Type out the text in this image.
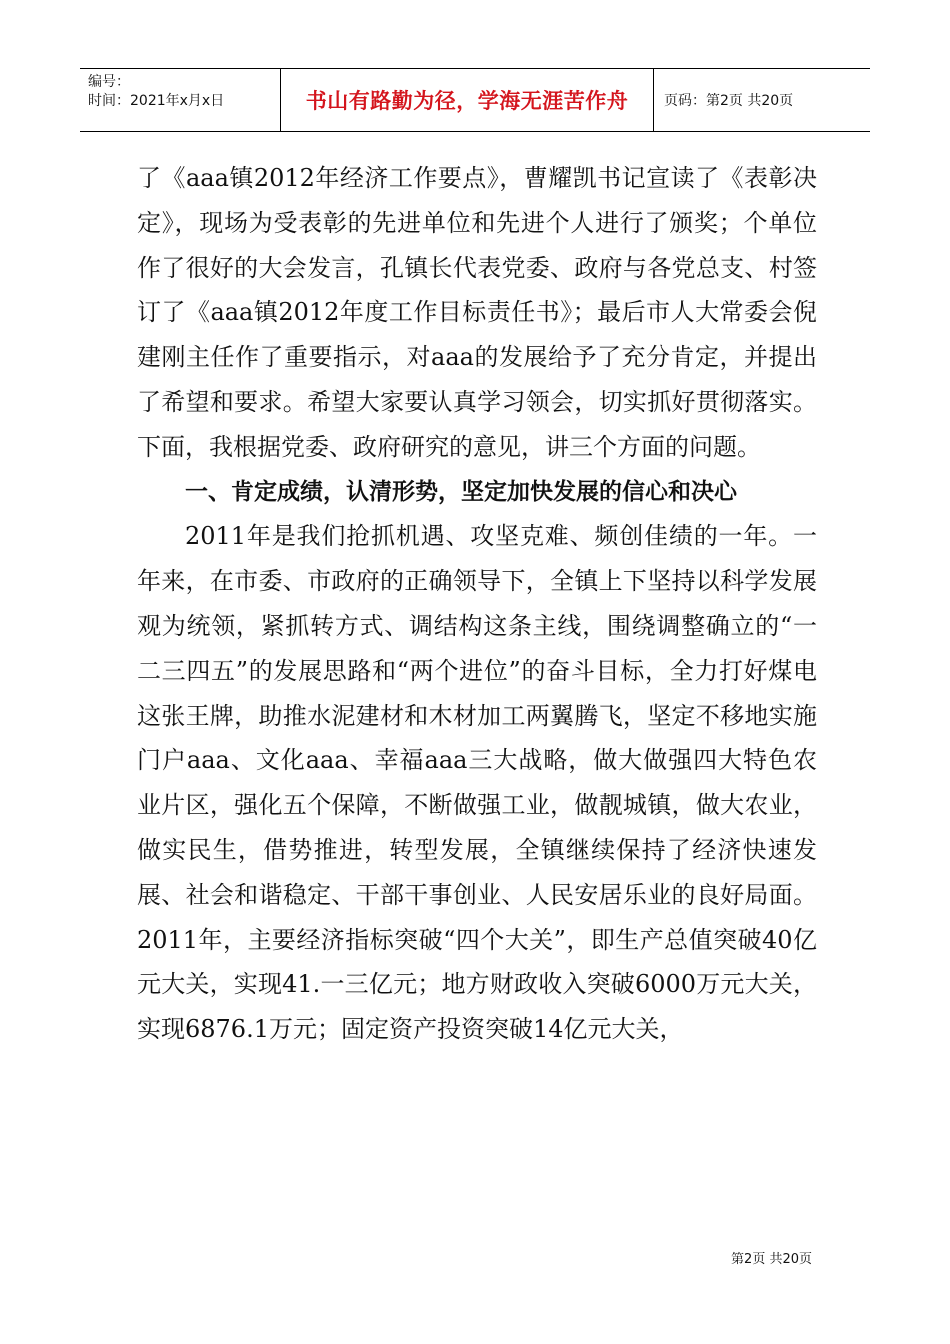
编号：
时间：2021年x月x日	书山有路勤为径，学海无涯苦作舟	页码：第2页 共20页

了《aaa镇2012年经济工作要点》，曹耀凯书记宣读了《表彰决定》，现场为受表彰的先进单位和先进个人进行了颁奖；个单位作了很好的大会发言，孔镇长代表党委、政府与各党总支、村签订了《aaa镇2012年度工作目标责任书》；最后市人大常委会倪建刚主任作了重要指示，对aaa的发展给予了充分肯定，并提出了希望和要求。希望大家要认真学习领会，切实抓好贯彻落实。下面，我根据党委、政府研究的意见，讲三个方面的问题。

一、肯定成绩，认清形势，坚定加快发展的信心和决心

2011年是我们抢抓机遇、攻坚克难、频创佳绩的一年。一年来，在市委、市政府的正确领导下，全镇上下坚持以科学发展观为统领，紧抓转方式、调结构这条主线，围绕调整确立的“一二三四五”的发展思路和“两个进位”的奋斗目标，全力打好煤电这张王牌，助推水泥建材和木材加工两翼腾飞，坚定不移地实施门户aaa、文化aaa、幸福aaa三大战略，做大做强四大特色农业片区，强化五个保障，不断做强工业，做靓城镇，做大农业，做实民生，借势推进，转型发展，全镇继续保持了经济快速发展、社会和谐稳定、干部干事创业、人民安居乐业的良好局面。2011年，主要经济指标突破“四个大关”，即生产总值突破40亿元大关，实现41.一三亿元；地方财政收入突破6000万元大关，实现6876.1万元；固定资产投资突破14亿元大关，

第2页 共20页
